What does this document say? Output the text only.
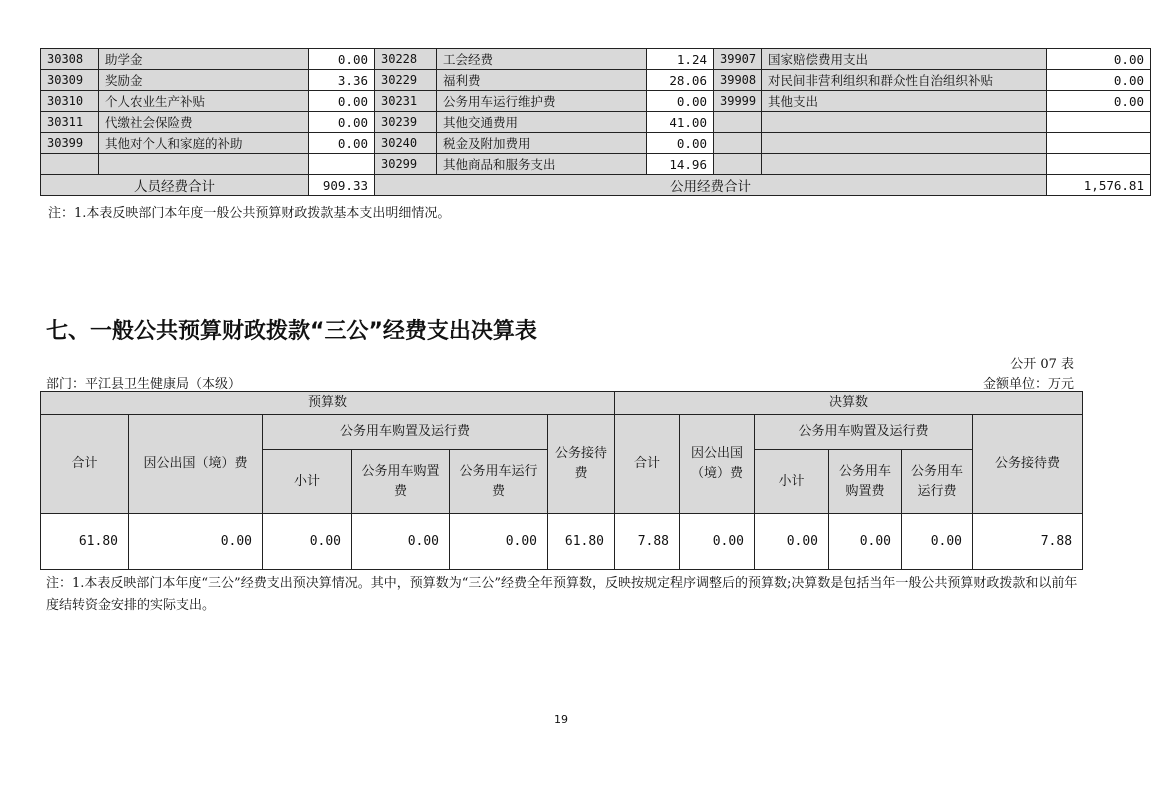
30308	助学金	0.00	30228	工会经费	1.24	39907	国家赔偿费用支出	0.00
30309	奖励金	3.36	30229	福利费	28.06	39908	对民间非营利组织和群众性自治组织补贴	0.00
30310	个人农业生产补贴	0.00	30231	公务用车运行维护费	0.00	39999	其他支出	0.00
30311	代缴社会保险费	0.00	30239	其他交通费用	41.00			
30399	其他对个人和家庭的补助	0.00	30240	税金及附加费用	0.00			
			30299	其他商品和服务支出	14.96			
人员经费合计		909.33	公用经费合计					1,576.81
注：1.本表反映部门本年度一般公共预算财政拨款基本支出明细情况。
七、一般公共预算财政拨款“三公”经费支出决算表
公开 07 表
部门：平江县卫生健康局（本级）	金额单位：万元
预算数						决算数					
合计	因公出国（境）费	公务用车购置及运行费			公务接待费	合计	因公出国（境）费	公务用车购置及运行费			公务接待费
		小计	公务用车购置费	公务用车运行费				小计	公务用车购置费	公务用车运行费	
61.80	0.00	0.00	0.00	0.00	61.80	7.88	0.00	0.00	0.00	0.00	7.88
注：1.本表反映部门本年度“三公”经费支出预决算情况。其中，预算数为“三公”经费全年预算数，反映按规定程序调整后的预算数;决算数是包括当年一般公共预算财政拨款和以前年度结转资金安排的实际支出。
19
